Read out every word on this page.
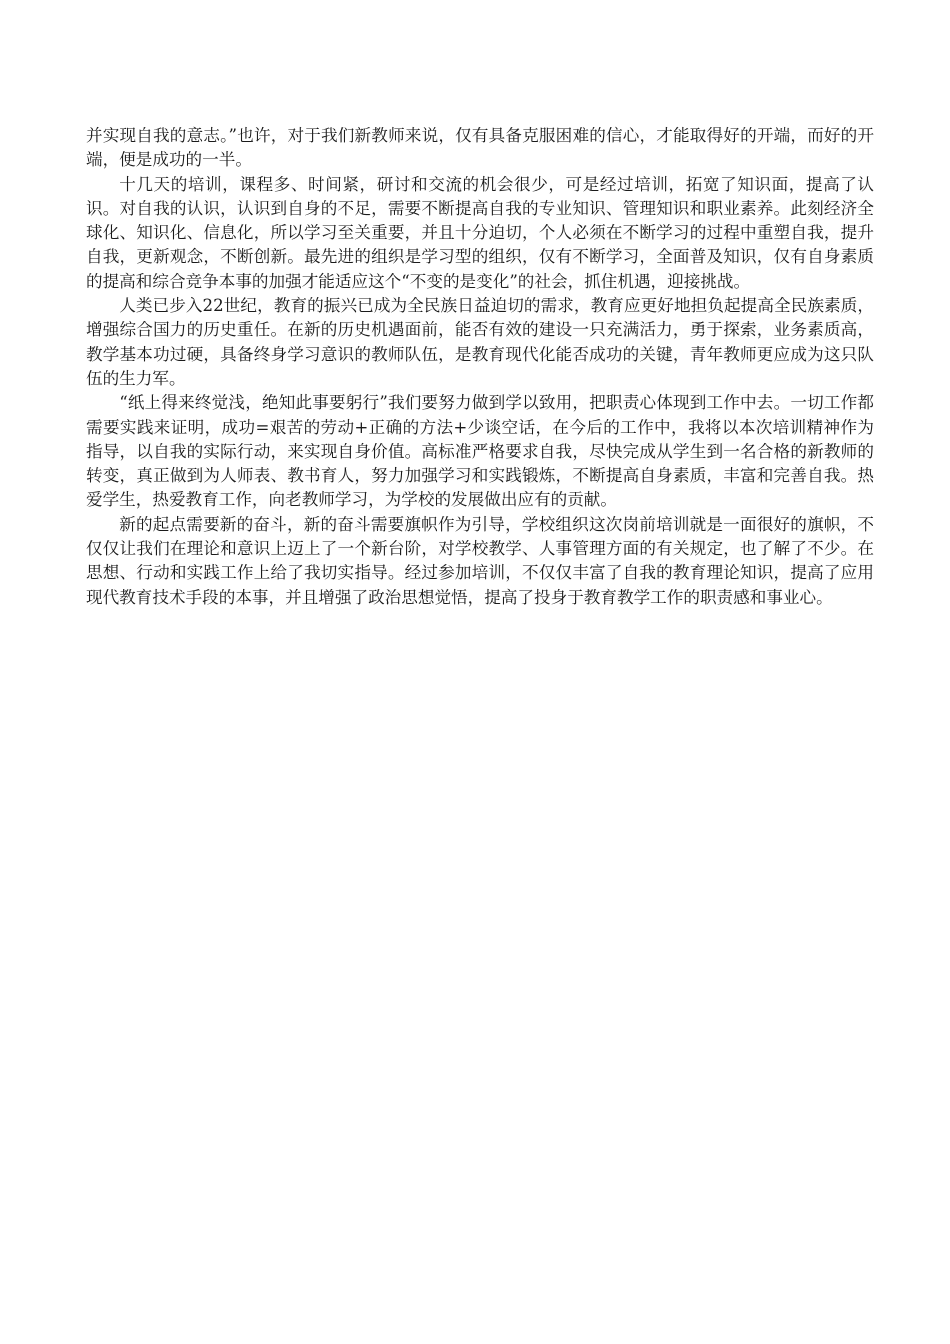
并实现自我的意志。”也许，对于我们新教师来说，仅有具备克服困难的信心，才能取得好的开端，而好的开端，便是成功的一半。

十几天的培训，课程多、时间紧，研讨和交流的机会很少，可是经过培训，拓宽了知识面，提高了认识。对自我的认识，认识到自身的不足，需要不断提高自我的专业知识、管理知识和职业素养。此刻经济全球化、知识化、信息化，所以学习至关重要，并且十分迫切，个人必须在不断学习的过程中重塑自我，提升自我，更新观念，不断创新。最先进的组织是学习型的组织，仅有不断学习，全面普及知识，仅有自身素质的提高和综合竞争本事的加强才能适应这个“不变的是变化”的社会，抓住机遇，迎接挑战。

人类已步入22世纪，教育的振兴已成为全民族日益迫切的需求，教育应更好地担负起提高全民族素质，增强综合国力的历史重任。在新的历史机遇面前，能否有效的建设一只充满活力，勇于探索，业务素质高，教学基本功过硬，具备终身学习意识的教师队伍，是教育现代化能否成功的关键，青年教师更应成为这只队伍的生力军。

“纸上得来终觉浅，绝知此事要躬行”我们要努力做到学以致用，把职责心体现到工作中去。一切工作都需要实践来证明，成功=艰苦的劳动+正确的方法+少谈空话，在今后的工作中，我将以本次培训精神作为指导，以自我的实际行动，来实现自身价值。高标准严格要求自我，尽快完成从学生到一名合格的新教师的转变，真正做到为人师表、教书育人，努力加强学习和实践锻炼，不断提高自身素质，丰富和完善自我。热爱学生，热爱教育工作，向老教师学习，为学校的发展做出应有的贡献。

新的起点需要新的奋斗，新的奋斗需要旗帜作为引导，学校组织这次岗前培训就是一面很好的旗帜，不仅仅让我们在理论和意识上迈上了一个新台阶，对学校教学、人事管理方面的有关规定，也了解了不少。在思想、行动和实践工作上给了我切实指导。经过参加培训，不仅仅丰富了自我的教育理论知识，提高了应用现代教育技术手段的本事，并且增强了政治思想觉悟，提高了投身于教育教学工作的职责感和事业心。
